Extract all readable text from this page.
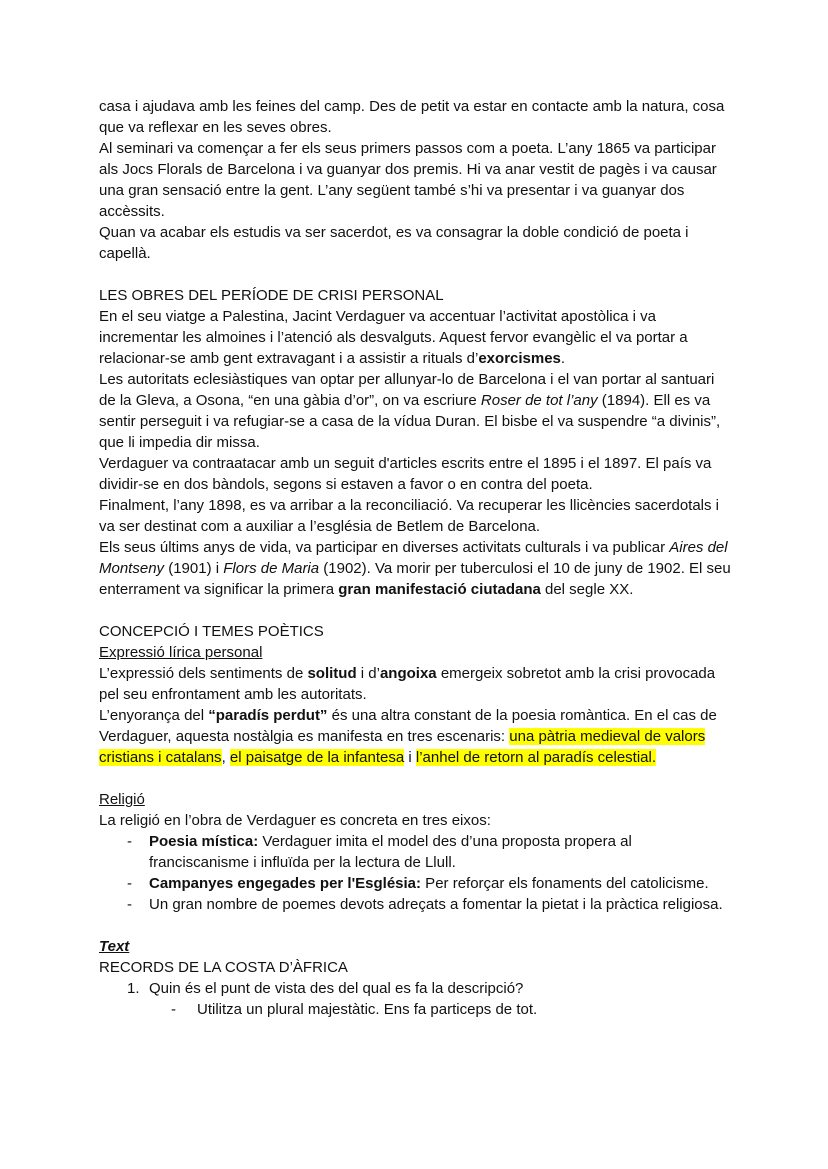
casa i ajudava amb les feines del camp. Des de petit va estar en contacte amb la natura, cosa que va reflexar en les seves obres.
Al seminari va començar a fer els seus primers passos com a poeta. L’any 1865 va participar als Jocs Florals de Barcelona i va guanyar dos premis. Hi va anar vestit de pagès i va causar una gran sensació entre la gent. L’any següent també s’hi va presentar i va guanyar dos accèssits.
Quan va acabar els estudis va ser sacerdot, es va consagrar la doble condició de poeta i capellà.
LES OBRES DEL PERÍODE DE CRISI PERSONAL
En el seu viatge a Palestina, Jacint Verdaguer va accentuar l’activitat apostòlica i va incrementar les almoines i l’atenció als desvalguts. Aquest fervor evangèlic el va portar a relacionar-se amb gent extravagant i a assistir a rituals d’exorcismes.
Les autoritats eclesiàstiques van optar per allunyar-lo de Barcelona i el van portar al santuari de la Gleva, a Osona, “en una gàbia d’or”, on va escriure Roser de tot l’any (1894). Ell es va sentir perseguit i va refugiar-se a casa de la vídua Duran. El bisbe el va suspendre “a divinis”, que li impedia dir missa.
Verdaguer va contraatacar amb un seguit d'articles escrits entre el 1895 i el 1897. El país va dividir-se en dos bàndols, segons si estaven a favor o en contra del poeta.
Finalment, l’any 1898, es va arribar a la reconciliació. Va recuperar les llicències sacerdotals i va ser destinat com a auxiliar a l’església de Betlem de Barcelona.
Els seus últims anys de vida, va participar en diverses activitats culturals i va publicar Aires del Montseny (1901) i Flors de Maria (1902). Va morir per tuberculosi el 10 de juny de 1902. El seu enterrament va significar la primera gran manifestació ciutadana del segle XX.
CONCEPCIÓ I TEMES POÈTICS
Expressió lírica personal
L’expressió dels sentiments de solitud i d’angoixa emergeix sobretot amb la crisi provocada pel seu enfrontament amb les autoritats.
L’enyorança del “paradís perdut” és una altra constant de la poesia romàntica. En el cas de Verdaguer, aquesta nostàlgia es manifesta en tres escenaris: una pàtria medieval de valors cristians i catalans, el paisatge de la infantesa i l’anhel de retorn al paradís celestial.
Religió
La religió en l’obra de Verdaguer es concreta en tres eixos:
-	Poesia mística: Verdaguer imita el model des d’una proposta propera al franciscanisme i influïda per la lectura de Llull.
-	Campanyes engegades per l'Església: Per reforçar els fonaments del catolicisme.
-	Un gran nombre de poemes devots adreçats a fomentar la pietat i la pràctica religiosa.
Text
RECORDS DE LA COSTA D’ÀFRICA
1. Quin és el punt de vista des del qual es fa la descripció?
-	Utilitza un plural majestàtic. Ens fa particeps de tot.
